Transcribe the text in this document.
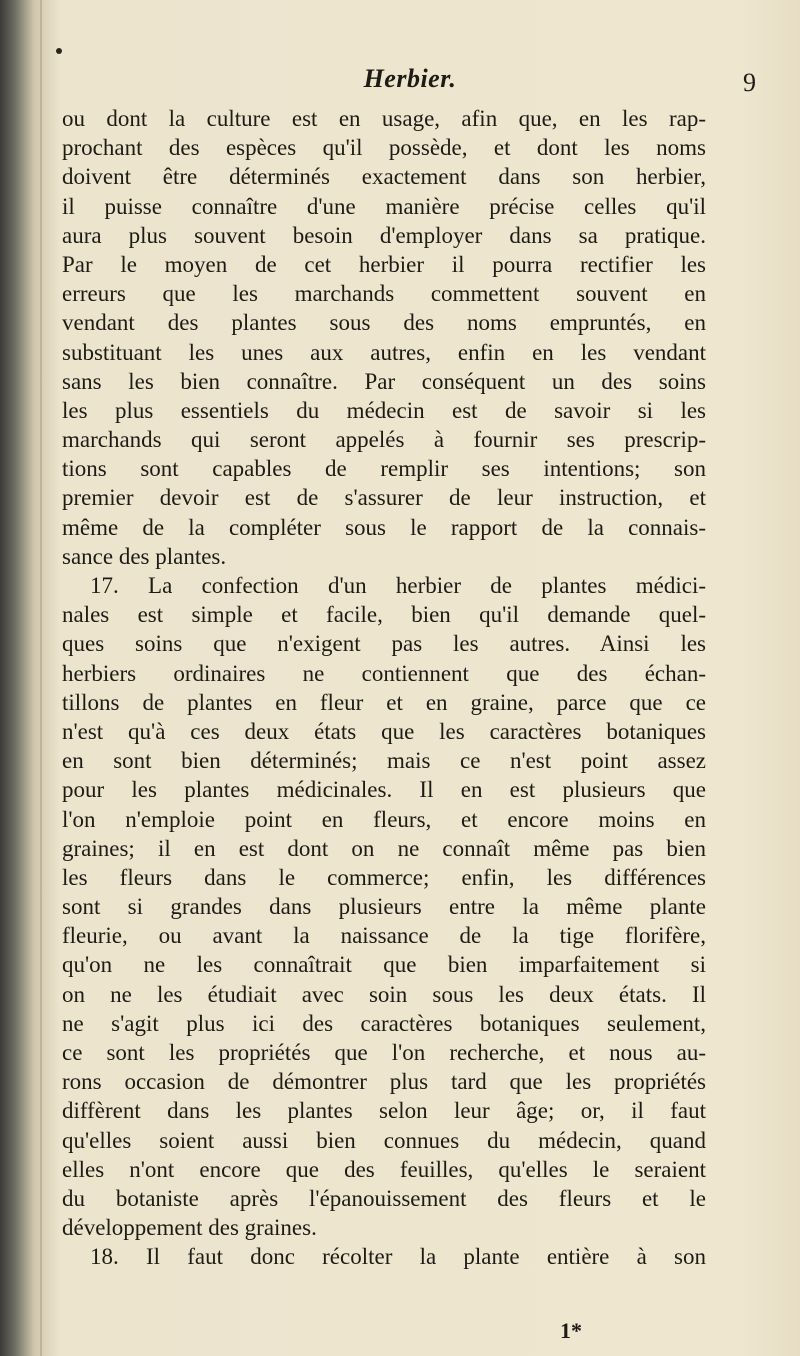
Herbier.	9
ou dont la culture est en usage, afin que, en les rap-
prochant des espèces qu'il possède, et dont les noms
doivent être déterminés exactement dans son herbier,
il puisse connaître d'une manière précise celles qu'il
aura plus souvent besoin d'employer dans sa pratique.
Par le moyen de cet herbier il pourra rectifier les
erreurs que les marchands commettent souvent en
vendant des plantes sous des noms empruntés, en
substituant les unes aux autres, enfin en les vendant
sans les bien connaître. Par conséquent un des soins
les plus essentiels du médecin est de savoir si les
marchands qui seront appelés à fournir ses prescrip-
tions sont capables de remplir ses intentions; son
premier devoir est de s'assurer de leur instruction, et
même de la compléter sous le rapport de la connais-
sance des plantes.
17. La confection d'un herbier de plantes médici-
nales est simple et facile, bien qu'il demande quel-
ques soins que n'exigent pas les autres. Ainsi les
herbiers ordinaires ne contiennent que des échan-
tillons de plantes en fleur et en graine, parce que ce
n'est qu'à ces deux états que les caractères botaniques
en sont bien déterminés; mais ce n'est point assez
pour les plantes médicinales. Il en est plusieurs que
l'on n'emploie point en fleurs, et encore moins en
graines; il en est dont on ne connaît même pas bien
les fleurs dans le commerce; enfin, les différences
sont si grandes dans plusieurs entre la même plante
fleurie, ou avant la naissance de la tige florifère,
qu'on ne les connaîtrait que bien imparfaitement si
on ne les étudiait avec soin sous les deux états. Il
ne s'agit plus ici des caractères botaniques seulement,
ce sont les propriétés que l'on recherche, et nous au-
rons occasion de démontrer plus tard que les propriétés
diffèrent dans les plantes selon leur âge; or, il faut
qu'elles soient aussi bien connues du médecin, quand
elles n'ont encore que des feuilles, qu'elles le seraient
du botaniste après l'épanouissement des fleurs et le
développement des graines.
18. Il faut donc récolter la plante entière à son
1*
